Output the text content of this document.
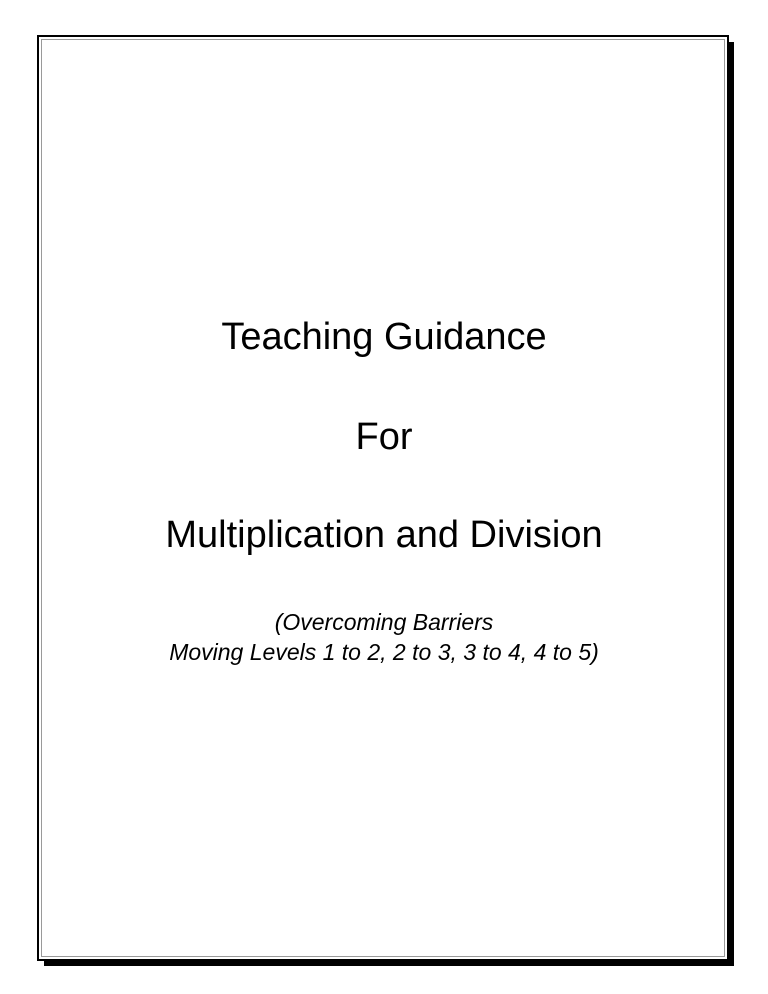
Teaching Guidance
For
Multiplication and Division
(Overcoming Barriers
Moving Levels 1 to 2, 2 to 3, 3 to 4, 4 to 5)
